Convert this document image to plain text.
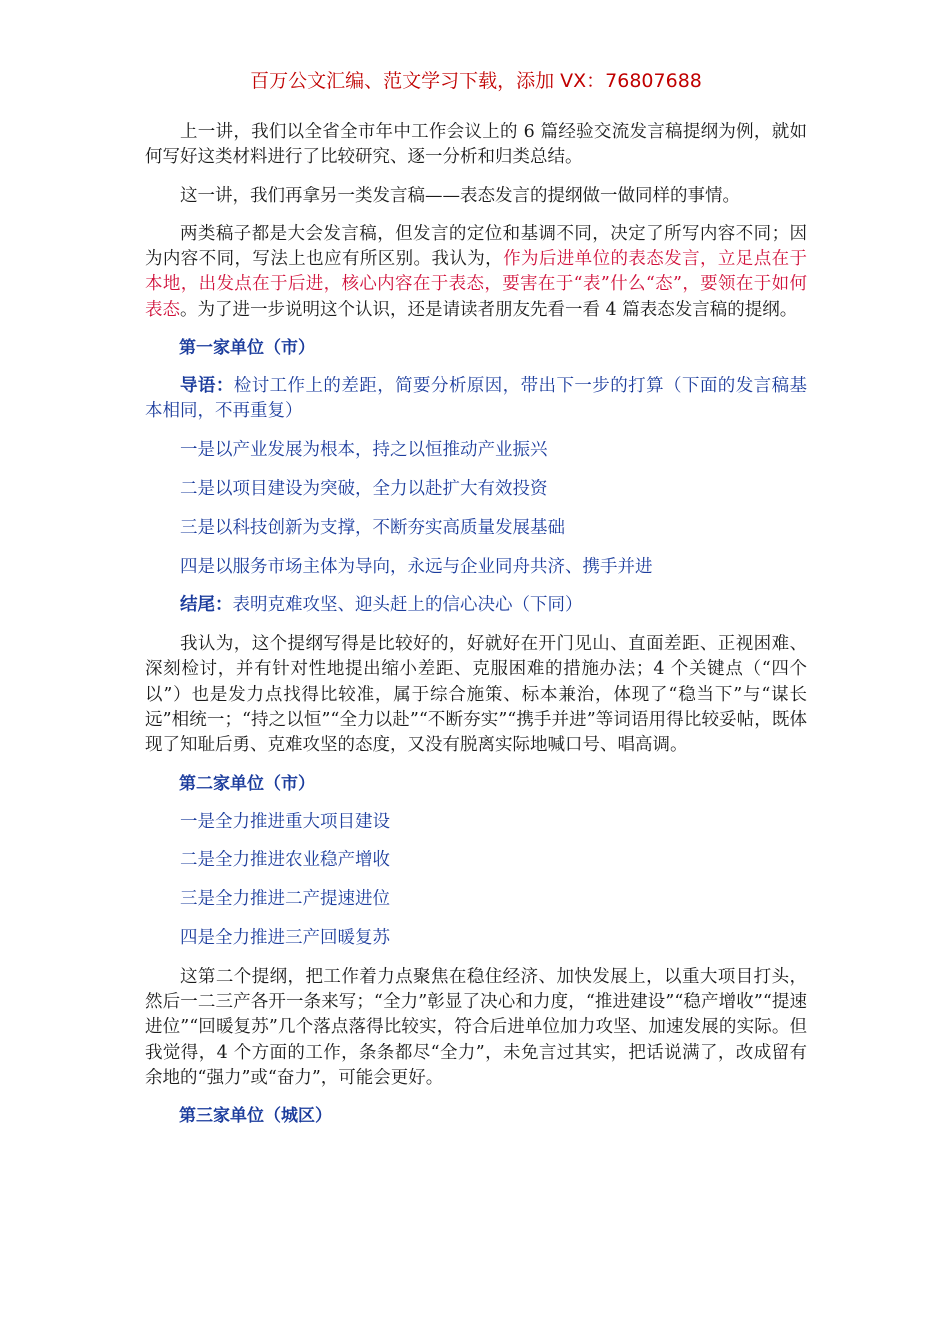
百万公文汇编、范文学习下载，添加 VX：76807688

上一讲，我们以全省全市年中工作会议上的 6 篇经验交流发言稿提纲为例，就如何写好这类材料进行了比较研究、逐一分析和归类总结。

这一讲，我们再拿另一类发言稿——表态发言的提纲做一做同样的事情。

两类稿子都是大会发言稿，但发言的定位和基调不同，决定了所写内容不同；因为内容不同，写法上也应有所区别。我认为，作为后进单位的表态发言，立足点在于本地，出发点在于后进，核心内容在于表态，要害在于“表”什么“态”，要领在于如何表态。为了进一步说明这个认识，还是请读者朋友先看一看 4 篇表态发言稿的提纲。

第一家单位（市）

导语：检讨工作上的差距，简要分析原因，带出下一步的打算（下面的发言稿基本相同，不再重复）

一是以产业发展为根本，持之以恒推动产业振兴

二是以项目建设为突破，全力以赴扩大有效投资

三是以科技创新为支撑，不断夯实高质量发展基础

四是以服务市场主体为导向，永远与企业同舟共济、携手并进

结尾：表明克难攻坚、迎头赶上的信心决心（下同）

我认为，这个提纲写得是比较好的，好就好在开门见山、直面差距、正视困难、深刻检讨，并有针对性地提出缩小差距、克服困难的措施办法；4 个关键点（“四个以”）也是发力点找得比较准，属于综合施策、标本兼治，体现了“稳当下”与“谋长远”相统一；“持之以恒”“全力以赴”“不断夯实”“携手并进”等词语用得比较妥帖，既体现了知耻后勇、克难攻坚的态度，又没有脱离实际地喊口号、唱高调。

第二家单位（市）

一是全力推进重大项目建设

二是全力推进农业稳产增收

三是全力推进二产提速进位

四是全力推进三产回暖复苏

这第二个提纲，把工作着力点聚焦在稳住经济、加快发展上，以重大项目打头，然后一二三产各开一条来写；“全力”彰显了决心和力度，“推进建设”“稳产增收”“提速进位”“回暖复苏”几个落点落得比较实，符合后进单位加力攻坚、加速发展的实际。但我觉得，4 个方面的工作，条条都尽“全力”，未免言过其实，把话说满了，改成留有余地的“强力”或“奋力”，可能会更好。

第三家单位（城区）
